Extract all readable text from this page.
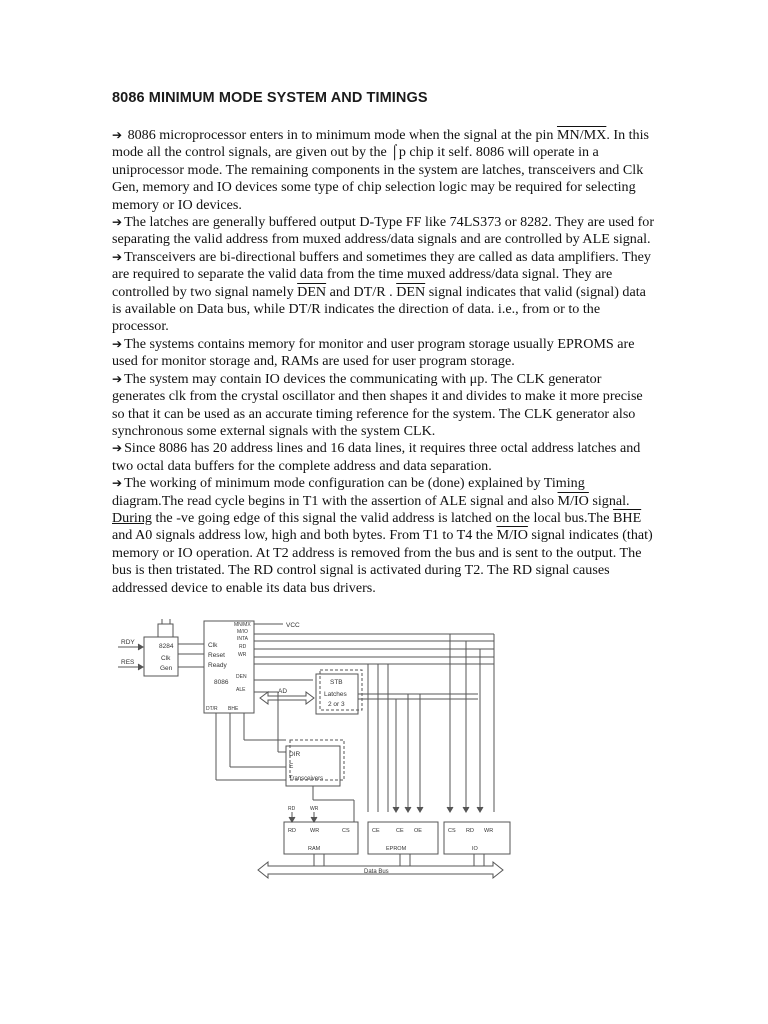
8086 MINIMUM MODE SYSTEM AND TIMINGS

➔ 8086 microprocessor enters in to minimum mode when the signal at the pin MN/MX. In this mode all the control signals, are given out by the ⌠p chip it self. 8086 will operate in a uniprocessor mode. The remaining components in the system are latches, transceivers and Clk Gen, memory and IO devices some type of chip selection logic may be required for selecting memory or IO devices.

➔ The latches are generally buffered output D-Type FF like 74LS373 or 8282. They are used for separating the valid address from muxed address/data signals and are controlled by ALE signal.

➔ Transceivers are bi-directional buffers and sometimes they are called as data amplifiers. They are required to separate the valid data from the time muxed address/data signal. They are controlled by two signal namely $\overline{DEN}$ and DT/R . $\overline{DEN}$ signal indicates that valid (signal) data is available on Data bus, while DT/R indicates the direction of data. i.e., from or to the processor.

➔ The systems contains memory for monitor and user program storage usually EPROMS are used for monitor storage and, RAMs are used for user program storage.

➔ The system may contain IO devices the communicating with μp. The CLK generator generates clk from the crystal oscillator and then shapes it and divides to make it more precise so that it can be used as an accurate timing reference for the system. The CLK generator also synchronous some external signals with the system CLK.

➔ Since 8086 has 20 address lines and 16 data lines, it requires three octal address latches and two octal data buffers for the complete address and data separation.

➔ The working of minimum mode configuration can be (done) explained by Timing diagram.The read cycle begins in T1 with the assertion of ALE signal and also M/IO signal. During the -ve going edge of this signal the valid address is latched on the local bus.The $\overline{BHE}$ and A0 signals address low, high and both bytes. From T1 to T4 the M/IO signal indicates (that) memory or IO operation. At T2 address is removed from the bus and is sent to the output. The bus is then tristated. The RD control signal is activated during T2. The RD signal causes addressed device to enable its data bus drivers.

VCC
RDY
RES
8284
Clk
Gen
Clk
Reset
Ready
8086
MN/MX
M/IO
INTA
RD
WR
DEN
ALE
DT/R BHE
AD
STB
Latches
2 or 3
DIR
E
Transceivers
RD	WR
RD	WR	CS
RAM
CE	CE OE
EPROM
CS RD WR
IO
Data Bus
